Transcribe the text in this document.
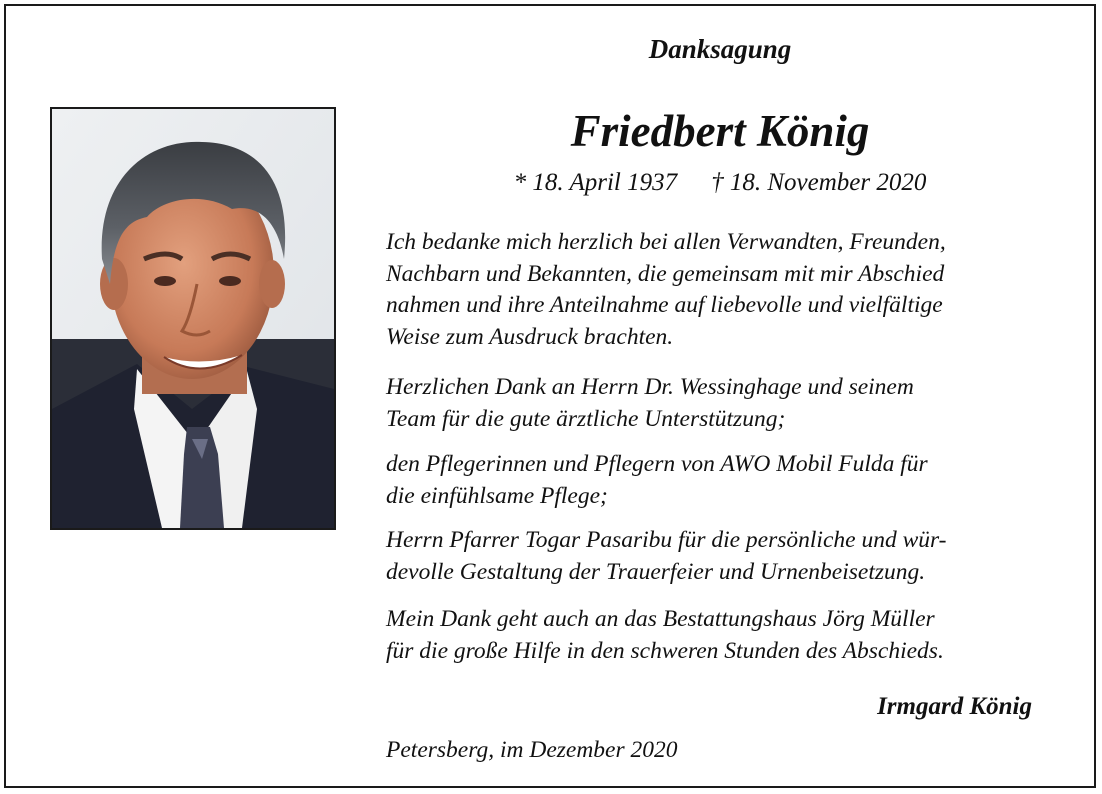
Danksagung
Friedbert König
* 18. April 1937 † 18. November 2020
Ich bedanke mich herzlich bei allen Verwandten, Freunden,
Nachbarn und Bekannten, die gemeinsam mit mir Abschied
nahmen und ihre Anteilnahme auf liebevolle und vielfältige
Weise zum Ausdruck brachten.
Herzlichen Dank an Herrn Dr. Wessinghage und seinem
Team für die gute ärztliche Unterstützung;
den Pflegerinnen und Pflegern von AWO Mobil Fulda für
die einfühlsame Pflege;
Herrn Pfarrer Togar Pasaribu für die persönliche und wür-
devolle Gestaltung der Trauerfeier und Urnenbeisetzung.
Mein Dank geht auch an das Bestattungshaus Jörg Müller
für die große Hilfe in den schweren Stunden des Abschieds.
Irmgard König
Petersberg, im Dezember 2020
